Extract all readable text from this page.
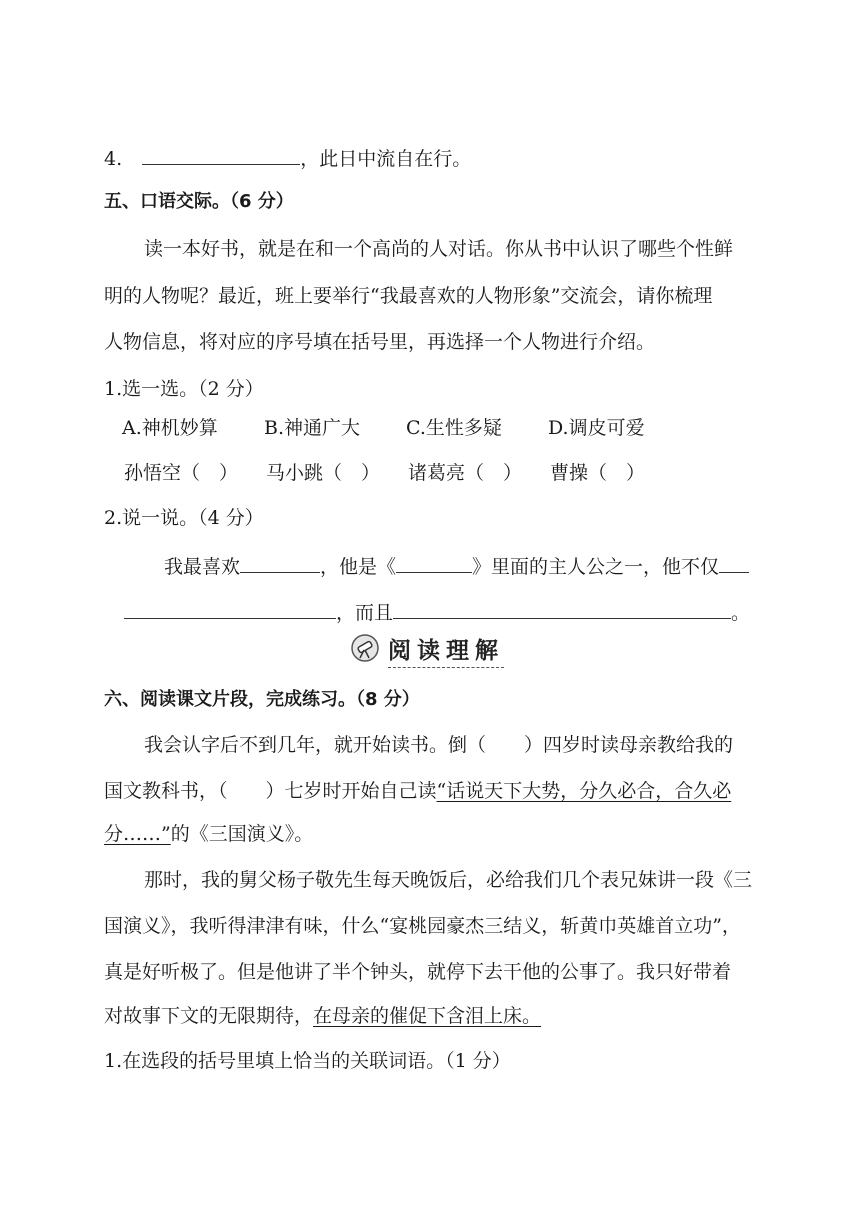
4.	，此日中流自在行。
五、口语交际。（6 分）
读一本好书，就是在和一个高尚的人对话。你从书中认识了哪些个性鲜
明的人物呢？最近，班上要举行“我最喜欢的人物形象”交流会，请你梳理
人物信息，将对应的序号填在括号里，再选择一个人物进行介绍。
1.选一选。（2 分）
A.神机妙算 B.神通广大 C.生性多疑 D.调皮可爱
孙悟空（　） 马小跳（　） 诸葛亮（　） 曹操（　）
2.说一说。（4 分）
我最喜欢	，他是《	》里面的主人公之一，他不仅
，而且	。
阅读理解
六、阅读课文片段，完成练习。（8 分）
我会认字后不到几年，就开始读书。倒（　　）四岁时读母亲教给我的
国文教科书，（　　）七岁时开始自己读“话说天下大势，分久必合，合久必
分……”的《三国演义》。
那时，我的舅父杨子敬先生每天晚饭后，必给我们几个表兄妹讲一段《三
国演义》，我听得津津有味，什么“宴桃园豪杰三结义，斩黄巾英雄首立功”，
真是好听极了。但是他讲了半个钟头，就停下去干他的公事了。我只好带着
对故事下文的无限期待，在母亲的催促下含泪上床。
1.在选段的括号里填上恰当的关联词语。（1 分）
